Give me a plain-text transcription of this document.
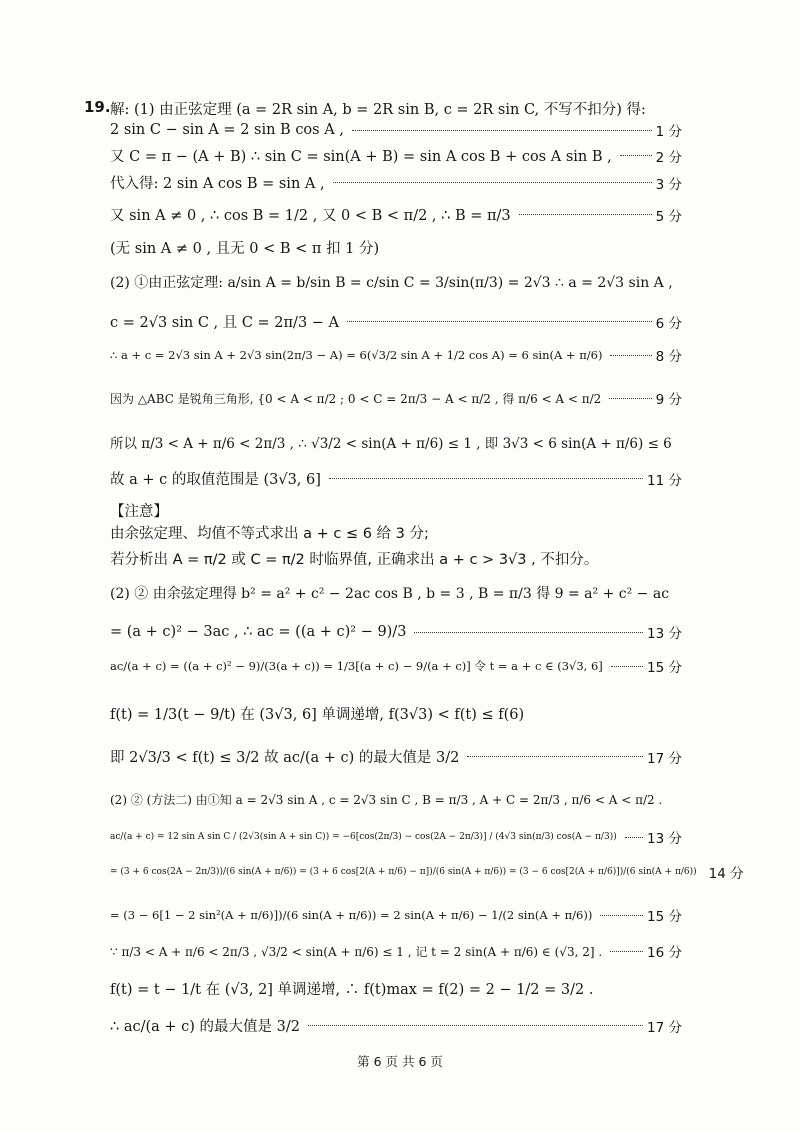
19. 解: (1) 由正弦定理 (a = 2R sin A, b = 2R sin B, c = 2R sin C, 不写不扣分) 得:
2 sin C − sin A = 2 sin B cos A ,	1 分
又 C = π − (A + B) ∴ sin C = sin(A + B) = sin A cos B + cos A sin B ,	2 分
代入得: 2 sin A cos B = sin A ,	3 分
又 sin A ≠ 0 , ∴ cos B = 1/2 , 又 0 < B < π/2 , ∴ B = π/3	5 分
(无 sin A ≠ 0 , 且无 0 < B < π 扣 1 分)
(2) ①由正弦定理: a/sin A = b/sin B = c/sin C = 3/sin(π/3) = 2√3 ∴ a = 2√3 sin A ,
c = 2√3 sin C , 且 C = 2π/3 − A	6 分
∴ a + c = 2√3 sin A + 2√3 sin(2π/3 − A) = 6(√3/2 sin A + 1/2 cos A) = 6 sin(A + π/6)	8 分
因为 △ABC 是锐角三角形, {0 < A < π/2 ; 0 < C = 2π/3 − A < π/2 , 得 π/6 < A < π/2	9 分
所以 π/3 < A + π/6 < 2π/3 , ∴ √3/2 < sin(A + π/6) ≤ 1 , 即 3√3 < 6 sin(A + π/6) ≤ 6
故 a + c 的取值范围是 (3√3, 6]	11 分
【注意】
由余弦定理、均值不等式求出 a + c ≤ 6 给 3 分;
若分析出 A = π/2 或 C = π/2 时临界值, 正确求出 a + c > 3√3 , 不扣分。
(2) ② 由余弦定理得 b² = a² + c² − 2ac cos B , b = 3 , B = π/3 得 9 = a² + c² − ac
= (a + c)² − 3ac , ∴ ac = ((a + c)² − 9)/3	13 分
ac/(a + c) = ((a + c)² − 9)/(3(a + c)) = 1/3[(a + c) − 9/(a + c)] 令 t = a + c ∈ (3√3, 6]	15 分
f(t) = 1/3(t − 9/t) 在 (3√3, 6] 单调递增, f(3√3) < f(t) ≤ f(6)
即 2√3/3 < f(t) ≤ 3/2 故 ac/(a + c) 的最大值是 3/2	17 分
(2) ② (方法二) 由①知 a = 2√3 sin A , c = 2√3 sin C , B = π/3 , A + C = 2π/3 , π/6 < A < π/2 .
ac/(a + c) = 12 sin A sin C / (2√3(sin A + sin C)) = −6[cos(2π/3) − cos(2A − 2π/3)] / (4√3 sin(π/3) cos(A − π/3)) 13 分
= (3 + 6 cos(2A − 2π/3))/(6 sin(A + π/6)) = (3 + 6 cos[2(A + π/6) − π])/(6 sin(A + π/6)) = (3 − 6 cos[2(A + π/6)])/(6 sin(A + π/6)) 14 分
= (3 − 6[1 − 2 sin²(A + π/6)])/(6 sin(A + π/6)) = 2 sin(A + π/6) − 1/(2 sin(A + π/6))	15 分
∵ π/3 < A + π/6 < 2π/3 , √3/2 < sin(A + π/6) ≤ 1 , 记 t = 2 sin(A + π/6) ∈ (√3, 2] .	16 分
f(t) = t − 1/t 在 (√3, 2] 单调递增, ∴ f(t)max = f(2) = 2 − 1/2 = 3/2 .
∴ ac/(a + c) 的最大值是 3/2	17 分
第 6 页 共 6 页
